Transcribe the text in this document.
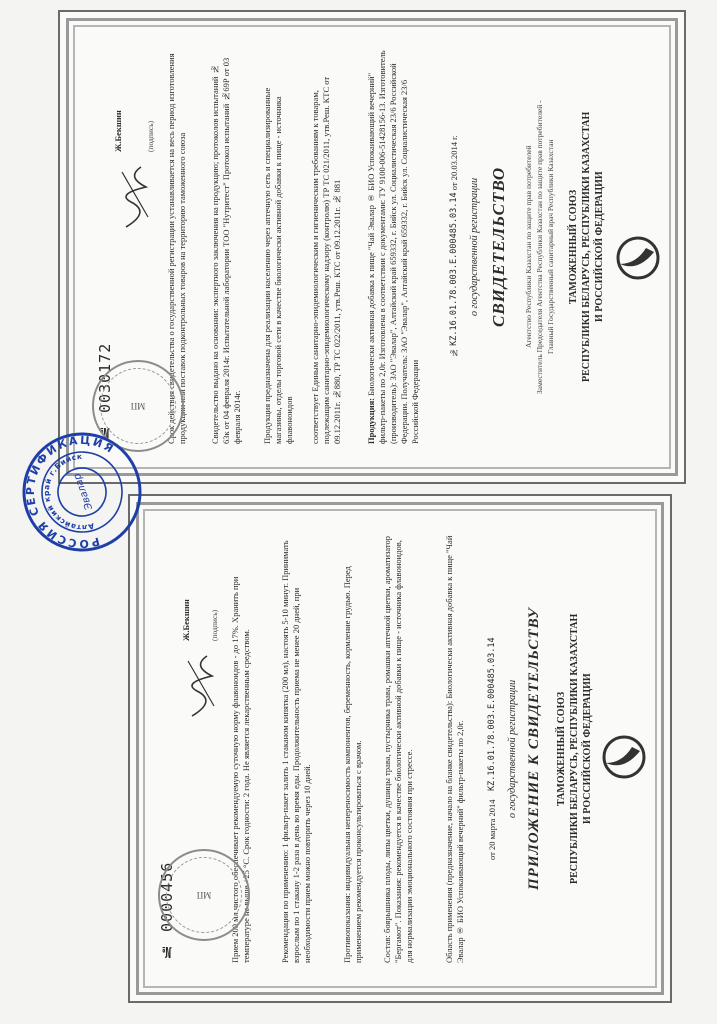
ТАМОЖЕННЫЙ СОЮЗ РЕСПУБЛИКИ БЕЛАРУСЬ, РЕСПУБЛИКИ КАЗАХСТАН И РОССИЙСКОЙ ФЕДЕРАЦИИ
Агентство Республики Казахстан по защите прав потребителей Заместитель Председателя Агентства Республики Казахстан по защите прав потребителей - Главный Государственный санитарный врач Республики Казахстан
СВИДЕТЕЛЬСТВО
о государственной регистрации
№ KZ.16.01.78.003.Е.000485.03.14 от 20.03.2014 г.
Продукция: Биологически активная добавка к пище "Чай Эвалар ® БИО Успокаивающий вечерний" фильтр-пакеты по 2,0г. Изготовлена в соответствии с документами: ТУ 9100-006-51428156-13. Изготовитель (производитель): ЗАО "Эвалар", Алтайский край 659332, г. Бийск ул. Социалистическая 23/6 Российской Федерации. Получатель: ЗАО "Эвалар", Алтайский край 659332, г. Бийск ул. Социалистическая 23/6 Российской Федерации
соответствует Единым санитарно-эпидемиологическим и гигиеническим требованиям к товарам, подлежащим санитарно-эпидемиологическому надзору (контролю) ТР ТС 021/2011, утв.Реш. КТС от 09.12.2011г. №880, ТР ТС 022/2011, утв.Реш. КТС от 09.12.2011г. № 881
Продукция предназначена для реализации населению через аптечную сеть и специализированные магазины, отделы торговой сети в качестве биологически активной добавки к пище - источника флавоноидов
Свидетельство выдано на основании: экспертного заключения на продукцию; протоколов испытаний № 63к от 04 февраля 2014г. Испытательной лаборатории ТОО "Нутритест" Протокол испытаний №69Р от 03 февраля 2014г.
Срок действия свидетельства о государственной регистрации устанавливается на весь период изготовления продукции или поставок подконтрольных товаров на территорию таможенного союза
(подпись)
Ж.Бекшин
№ 0030172 МП
ТАМОЖЕННЫЙ СОЮЗ РЕСПУБЛИКИ БЕЛАРУСЬ, РЕСПУБЛИКИ КАЗАХСТАН И РОССИЙСКОЙ ФЕДЕРАЦИИ
ПРИЛОЖЕНИЕ К СВИДЕТЕЛЬСТВУ
о государственной регистрации
от 20 марта 2014    KZ.16.01.78.003.Е.000485.03.14
Область применения (предназначение, начало на бланке свидетельства): Биологически активная добавка к пище "Чай Эвалар ® БИО Успокаивающий вечерний" фильтр-пакеты по 2,0г.
Состав: боярышника плоды, липы цветки, душицы трава, пустырника трава, ромашки аптечной цветки, ароматизатор "Бергамот". Показания: рекомендуется в качестве биологически активной добавки к пище - источника флавоноидов, для нормализации эмоционального состояния при стрессе.
Противопоказания: индивидуальная непереносимость компонентов, беременность, кормление грудью. Перед применением рекомендуется проконсультироваться с врачом.
Рекомендации по применению: 1 фильтр-пакет залить 1 стаканом кипятка (200 мл), настоять 5-10 минут. Принимать взрослым по 1 стакану 1-2 раза в день во время еды. Продолжительность приема не менее 20 дней, при необходимости прием можно повторить через 10 дней.
Прием 200 мл чистого обеспечивает рекомендуемую суточную норму флавоноидов - до 17%. Хранить при температуре не выше +25 °С. Срок годности: 2 года. Не является лекарственным средством.
(подпись)
Ж.Бекшин
№ 0000456 МП
РОССИЯ СЕРТИФИКАЦИЯ
Алтайский край г.Бийск
Эвалар
